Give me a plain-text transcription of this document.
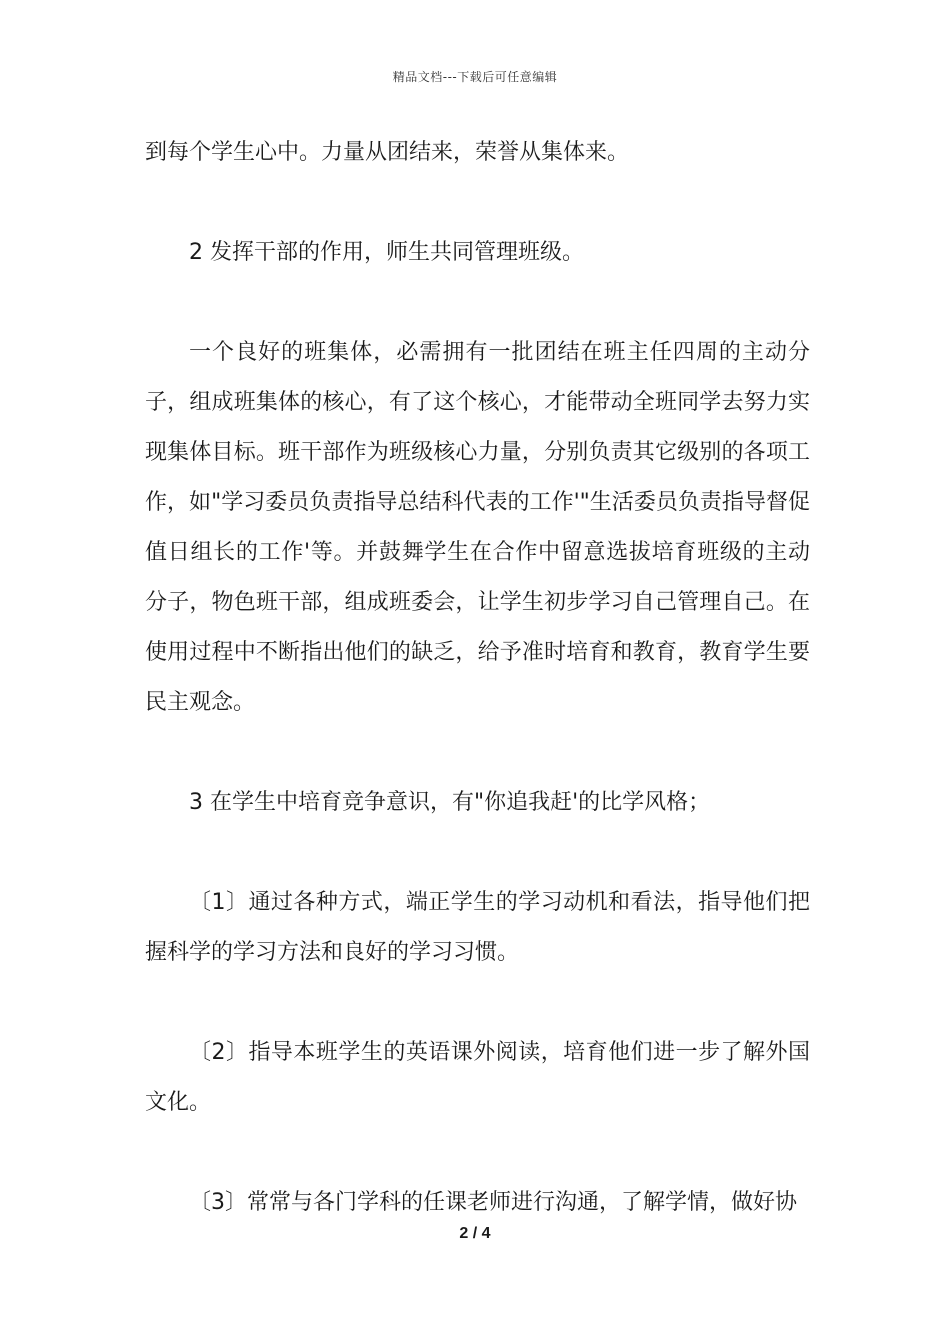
精品文档---下载后可任意编辑

到每个学生心中。力量从团结来，荣誉从集体来。

2 发挥干部的作用，师生共同管理班级。

一个良好的班集体，必需拥有一批团结在班主任四周的主动分子，组成班集体的核心，有了这个核心，才能带动全班同学去努力实现集体目标。班干部作为班级核心力量，分别负责其它级别的各项工作，如"学习委员负责指导总结科代表的工作'"生活委员负责指导督促值日组长的工作'等。并鼓舞学生在合作中留意选拔培育班级的主动分子，物色班干部，组成班委会，让学生初步学习自己管理自己。在使用过程中不断指出他们的缺乏，给予准时培育和教育，教育学生要民主观念。

3 在学生中培育竞争意识，有"你追我赶'的比学风格；

〔1〕通过各种方式，端正学生的学习动机和看法，指导他们把握科学的学习方法和良好的学习习惯。

〔2〕指导本班学生的英语课外阅读，培育他们进一步了解外国文化。

〔3〕常常与各门学科的任课老师进行沟通，了解学情，做好协

2 / 4
